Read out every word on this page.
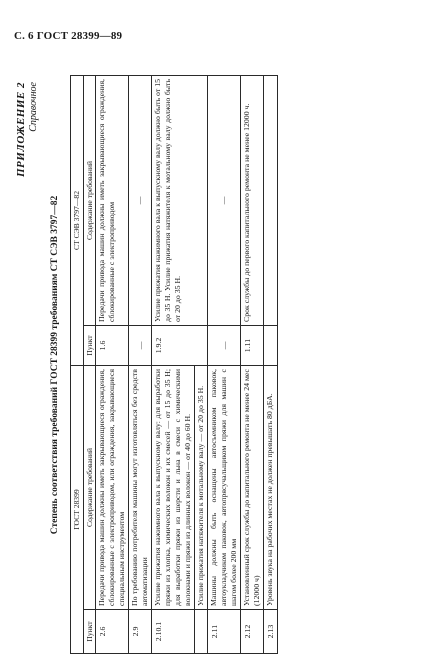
С. 6 ГОСТ 28399—89
ПРИЛОЖЕНИЕ 2 Справочное
Степень соответствия требований ГОСТ 28399 требованиям СТ СЭВ 3797—82 ГОСТ 28399		СТ СЭВ 3797—82	
Пункт	Содержание требований	Пункт	Содержание требований
2.6	Передачи привода машин должны иметь закрывающиеся ограждения, сблокированные с электроприводом, или ограждения, закрывающиеся специальным инструментом	1.6	Передачи привода машин должны иметь закрывающиеся ограждения, сблокированные с электроприводом
2.9	По требованию потребителя машины могут изготовляться без средств автоматизации	—	—
2.10.1	Усилие прижатия нажимного вала к выпускному валу: для выработки пряжи из хлопка, химических волокон и их смесей — от 15 до 35 Н; для выработки пряжи из шерсти и льна в смеси с химическими волокнами и пряжи из длинных волокон — от 40 до 60 Н.	1.9.2	Усилие прижатия нажимного вала к выпускному валу должно быть от 15 до 35 Н. Усилие прижатия натяжителя к мотальному валу должно быть от 20 до 35 Н.
	Усилие прижатия натяжителя к мотальному валу — от 20 до 35 Н.		
2.11	Машины должны быть оснащены автосъемником паковок, автоукладчиком паковок, автопрясучальщиком пряжи для машин с шагом более 200 мм	—	—
2.12	Установленный срок службы до капитального ремонта не менее 24 мес (12000 ч)	1.11	Срок службы до первого капитального ремонта не менее 12000 ч.
2.13	Уровень звука на рабочих местах не должен превышать 80 дБА.		
